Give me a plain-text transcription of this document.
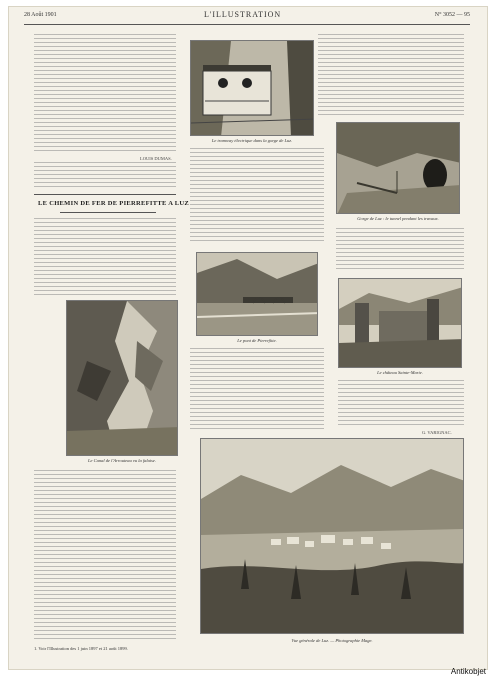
28 Août 1901	L'ILLUSTRATION	N° 3052 — 95
LOUIS DUMAS.
LE CHEMIN DE FER DE PIERREFITTE A LUZ
Le Canal de l'Arrouteau vu la falaise.
1. Voir l'Illustration des 1 juin 1897 et 21 août 1899.
Le tramway électrique dans la gorge de Luz.
Gorge de Luz : le tunnel pendant les travaux.
Le pont de Pierrefitte.
Le château Sainte-Marie.
G. VARIGNAC.
Vue générale de Luz. — Photographie Mage.
Antikobjet
